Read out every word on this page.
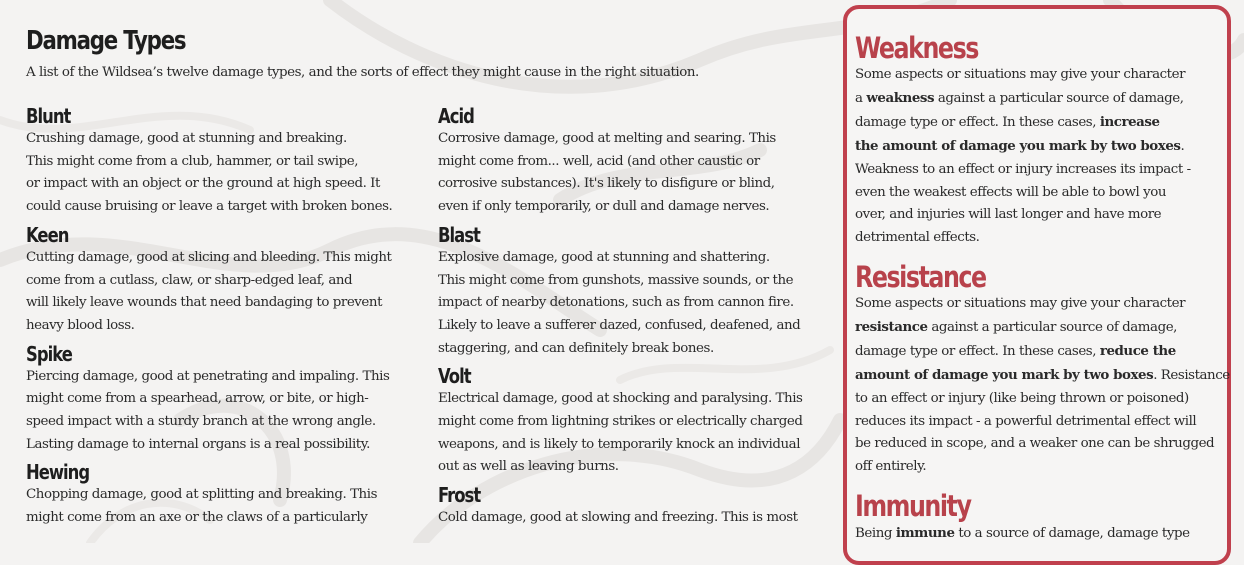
Damage Types

A list of the Wildsea’s twelve damage types, and the sorts of effect they might cause in the right situation.

Blunt

Crushing damage, good at stunning and breaking.
This might come from a club, hammer, or tail swipe,
or impact with an object or the ground at high speed. It
could cause bruising or leave a target with broken bones.

Keen

Cutting damage, good at slicing and bleeding. This might
come from a cutlass, claw, or sharp-edged leaf, and
will likely leave wounds that need bandaging to prevent
heavy blood loss.

Spike

Piercing damage, good at penetrating and impaling. This
might come from a spearhead, arrow, or bite, or high-
speed impact with a sturdy branch at the wrong angle.
Lasting damage to internal organs is a real possibility.

Hewing

Chopping damage, good at splitting and breaking. This
might come from an axe or the claws of a particularly

Acid

Corrosive damage, good at melting and searing. This
might come from... well, acid (and other caustic or
corrosive substances). It's likely to disfigure or blind,
even if only temporarily, or dull and damage nerves.

Blast

Explosive damage, good at stunning and shattering.
This might come from gunshots, massive sounds, or the
impact of nearby detonations, such as from cannon fire.
Likely to leave a sufferer dazed, confused, deafened, and
staggering, and can definitely break bones.

Volt

Electrical damage, good at shocking and paralysing. This
might come from lightning strikes or electrically charged
weapons, and is likely to temporarily knock an individual
out as well as leaving burns.

Frost

Cold damage, good at slowing and freezing. This is most

Weakness

Some aspects or situations may give your character
a weakness against a particular source of damage,
damage type or effect. In these cases, increase
the amount of damage you mark by two boxes.
Weakness to an effect or injury increases its impact -
even the weakest effects will be able to bowl you
over, and injuries will last longer and have more
detrimental effects.

Resistance

Some aspects or situations may give your character
resistance against a particular source of damage,
damage type or effect. In these cases, reduce the
amount of damage you mark by two boxes. Resistance
to an effect or injury (like being thrown or poisoned)
reduces its impact - a powerful detrimental effect will
be reduced in scope, and a weaker one can be shrugged
off entirely.

Immunity

Being immune to a source of damage, damage type
